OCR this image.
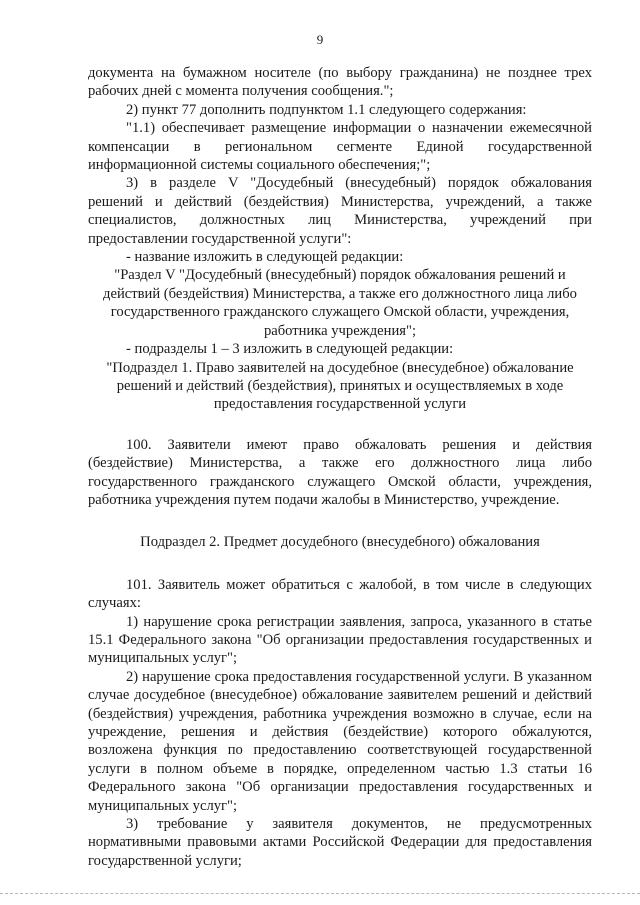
9

документа на бумажном носителе (по выбору гражданина) не позднее трех рабочих дней с момента получения сообщения.";

2) пункт 77 дополнить подпунктом 1.1 следующего содержания:

"1.1) обеспечивает размещение информации о назначении ежемесячной компенсации в региональном сегменте Единой государственной информационной системы социального обеспечения;";

3) в разделе V "Досудебный (внесудебный) порядок обжалования решений и действий (бездействия) Министерства, учреждений, а также специалистов, должностных лиц Министерства, учреждений при предоставлении государственной услуги":

- название изложить в следующей редакции:

"Раздел V "Досудебный (внесудебный) порядок обжалования решений и действий (бездействия) Министерства, а также его должностного лица либо государственного гражданского служащего Омской области, учреждения, работника учреждения";

- подразделы 1 – 3 изложить в следующей редакции:

"Подраздел 1. Право заявителей на досудебное (внесудебное) обжалование решений и действий (бездействия), принятых и осуществляемых в ходе предоставления государственной услуги

100. Заявители имеют право обжаловать решения и действия (бездействие) Министерства, а также его должностного лица либо государственного гражданского служащего Омской области, учреждения, работника учреждения путем подачи жалобы в Министерство, учреждение.

Подраздел 2. Предмет досудебного (внесудебного) обжалования

101. Заявитель может обратиться с жалобой, в том числе в следующих случаях:

1) нарушение срока регистрации заявления, запроса, указанного в статье 15.1 Федерального закона "Об организации предоставления государственных и муниципальных услуг";

2) нарушение срока предоставления государственной услуги. В указанном случае досудебное (внесудебное) обжалование заявителем решений и действий (бездействия) учреждения, работника учреждения возможно в случае, если на учреждение, решения и действия (бездействие) которого обжалуются, возложена функция по предоставлению соответствующей государственной услуги в полном объеме в порядке, определенном частью 1.3 статьи 16 Федерального закона "Об организации предоставления государственных и муниципальных услуг";

3) требование у заявителя документов, не предусмотренных нормативными правовыми актами Российской Федерации для предоставления государственной услуги;
